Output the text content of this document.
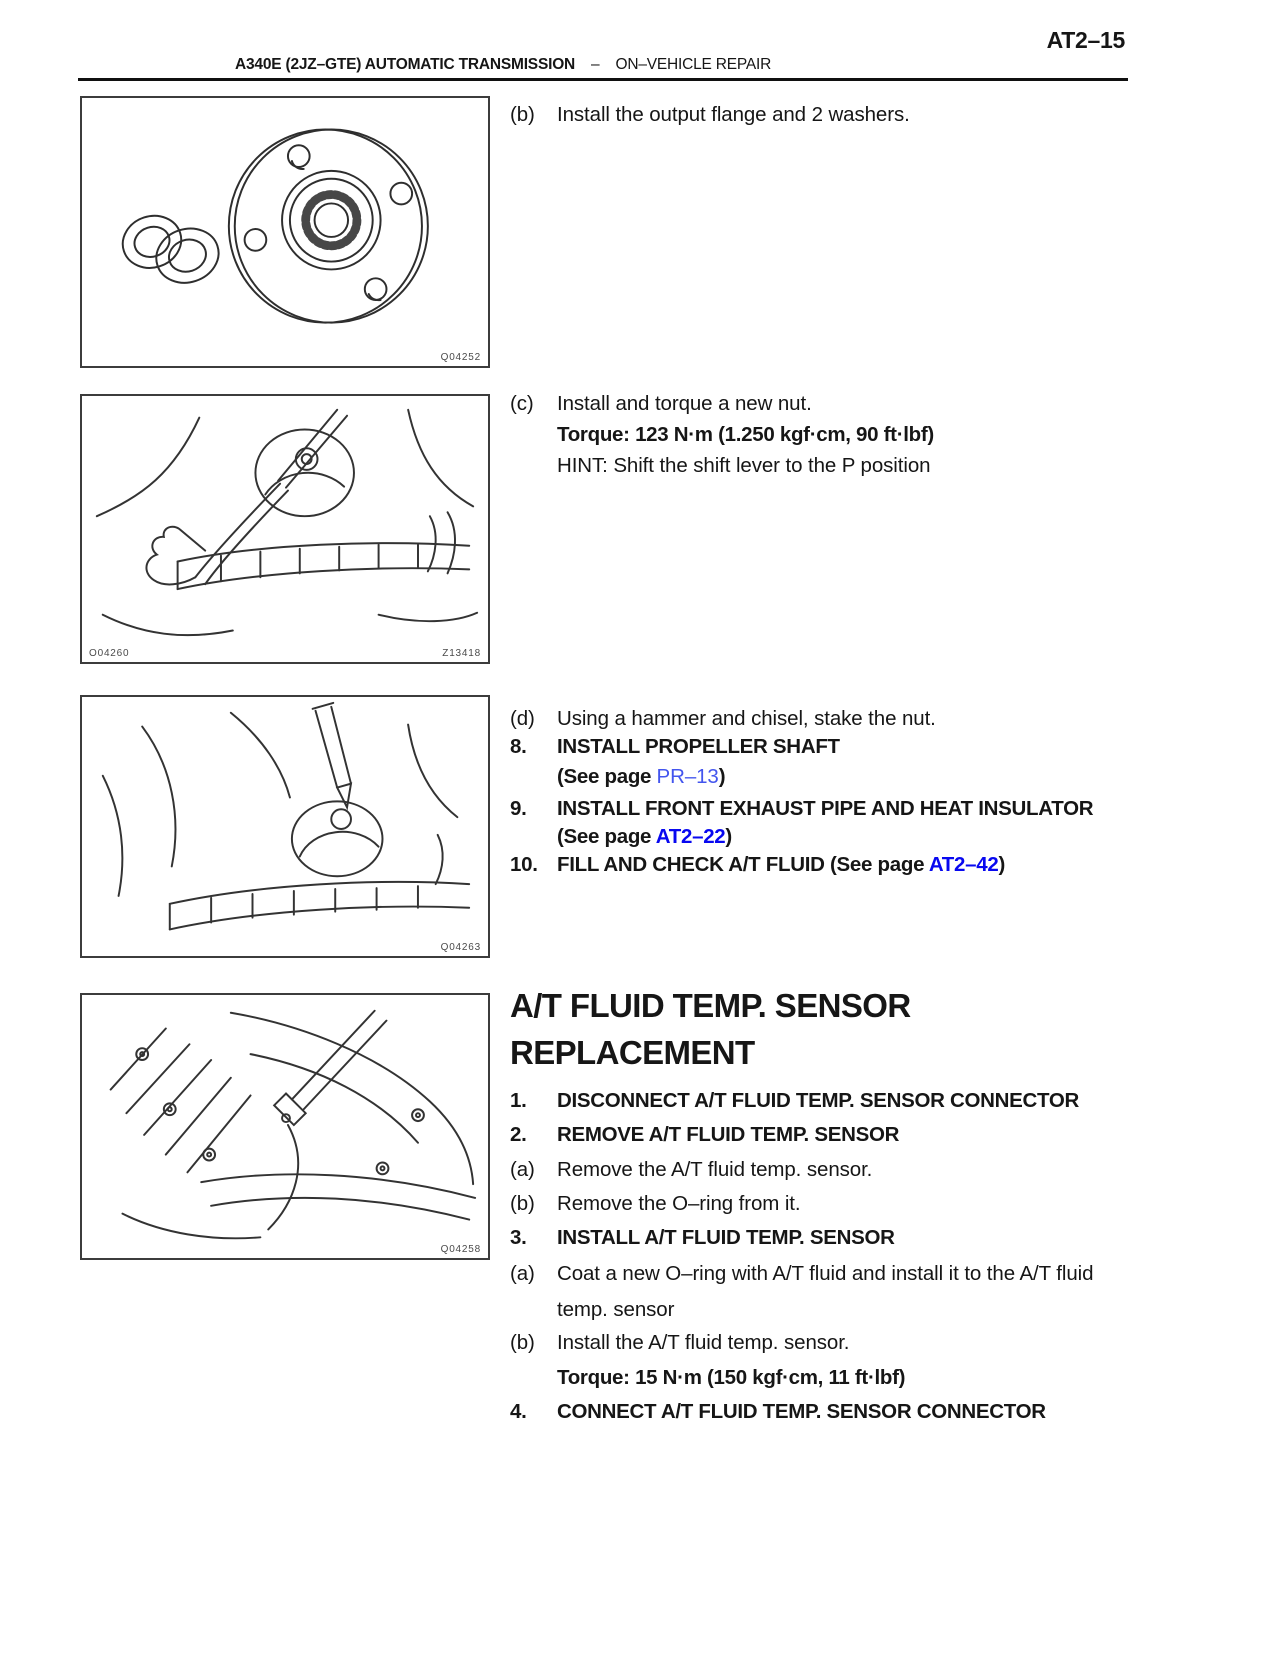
AT2–15
A340E (2JZ–GTE) AUTOMATIC TRANSMISSION – ON–VEHICLE REPAIR
Q04252
O04260	Z13418
Q04263
Q04258
(b)	Install the output flange and 2 washers.
(c)	Install and torque a new nut.
Torque: 123 N·m (1.250 kgf·cm, 90 ft·lbf)
HINT: Shift the shift lever to the P position
(d)	Using a hammer and chisel, stake the nut.
8.	INSTALL PROPELLER SHAFT
(See page PR–13)
9.	INSTALL FRONT EXHAUST PIPE AND HEAT INSULATOR
(See page AT2–22)
10. FILL AND CHECK A/T FLUID (See page AT2–42)
A/T FLUID TEMP. SENSOR
REPLACEMENT
1.	DISCONNECT A/T FLUID TEMP. SENSOR CONNECTOR
2.	REMOVE A/T FLUID TEMP. SENSOR
(a)	Remove the A/T fluid temp. sensor.
(b)	Remove the O–ring from it.
3.	INSTALL A/T FLUID TEMP. SENSOR
(a)	Coat a new O–ring with A/T fluid and install it to the A/T fluid temp. sensor
(b)	Install the A/T fluid temp. sensor.
Torque: 15 N·m (150 kgf·cm, 11 ft·lbf)
4.	CONNECT A/T FLUID TEMP. SENSOR CONNECTOR
